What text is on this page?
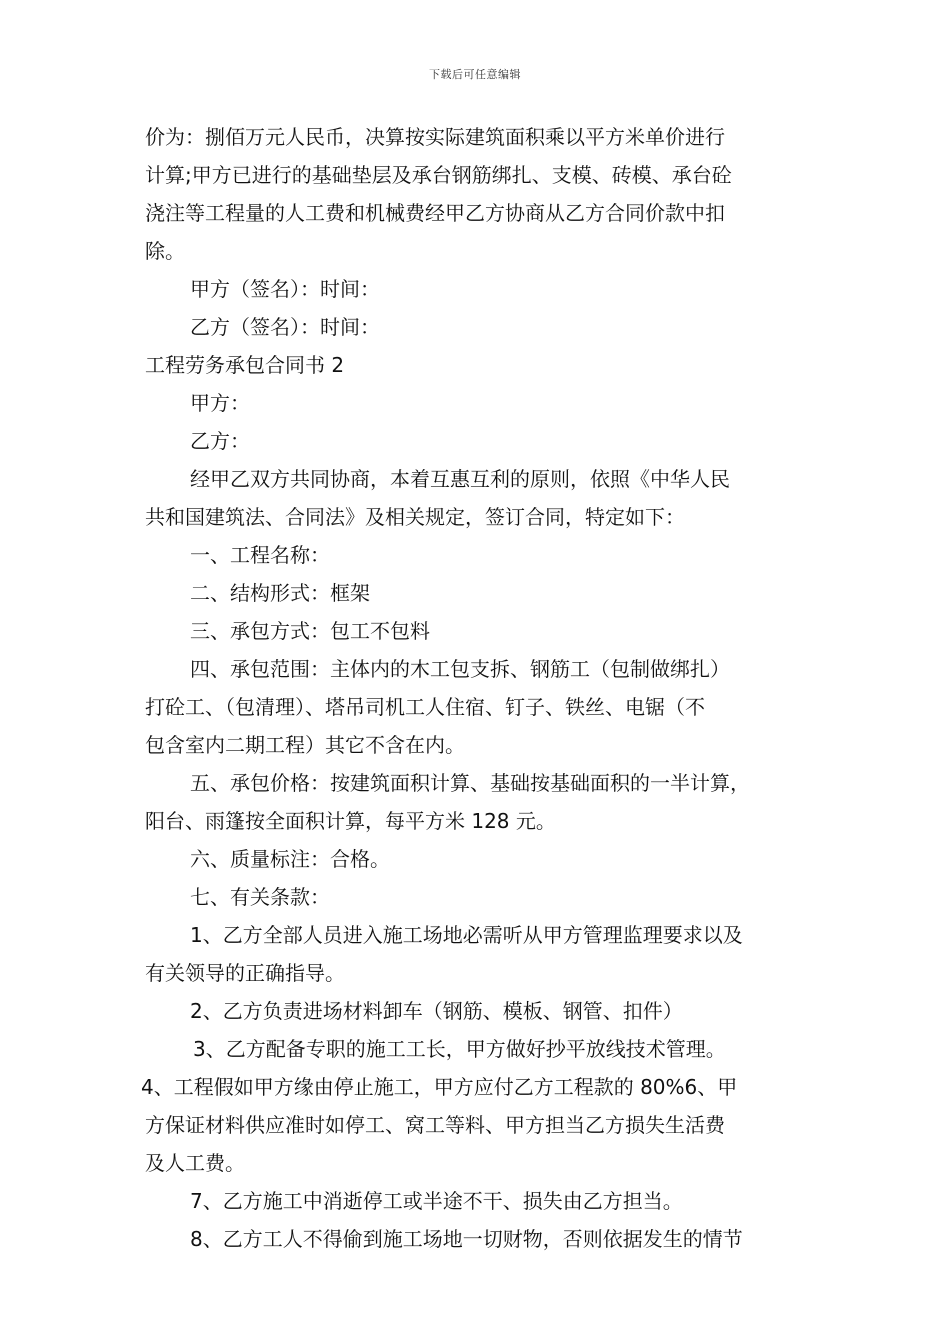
下载后可任意编辑
价为：捌佰万元人民币，决算按实际建筑面积乘以平方米单价进行
计算;甲方已进行的基础垫层及承台钢筋绑扎、支模、砖模、承台砼
浇注等工程量的人工费和机械费经甲乙方协商从乙方合同价款中扣
除。
甲方（签名）：时间：
乙方（签名）：时间：
工程劳务承包合同书 2
甲方：
乙方：
经甲乙双方共同协商，本着互惠互利的原则，依照《中华人民
共和国建筑法、合同法》及相关规定，签订合同，特定如下：
一、工程名称：
二、结构形式：框架
三、承包方式：包工不包料
四、承包范围：主体内的木工包支拆、钢筋工（包制做绑扎）
打砼工、（包清理）、塔吊司机工人住宿、钉子、铁丝、电锯（不
包含室内二期工程）其它不含在内。
五、承包价格：按建筑面积计算、基础按基础面积的一半计算，
阳台、雨篷按全面积计算，每平方米 128 元。
六、质量标注：合格。
七、有关条款：
1、乙方全部人员进入施工场地必需听从甲方管理监理要求以及
有关领导的正确指导。
2、乙方负责进场材料卸车（钢筋、模板、钢管、扣件）
3、乙方配备专职的施工工长，甲方做好抄平放线技术管理。
4、工程假如甲方缘由停止施工，甲方应付乙方工程款的 80%6、甲
方保证材料供应准时如停工、窝工等料、甲方担当乙方损失生活费
及人工费。
7、乙方施工中消逝停工或半途不干、损失由乙方担当。
8、乙方工人不得偷到施工场地一切财物，否则依据发生的情节
